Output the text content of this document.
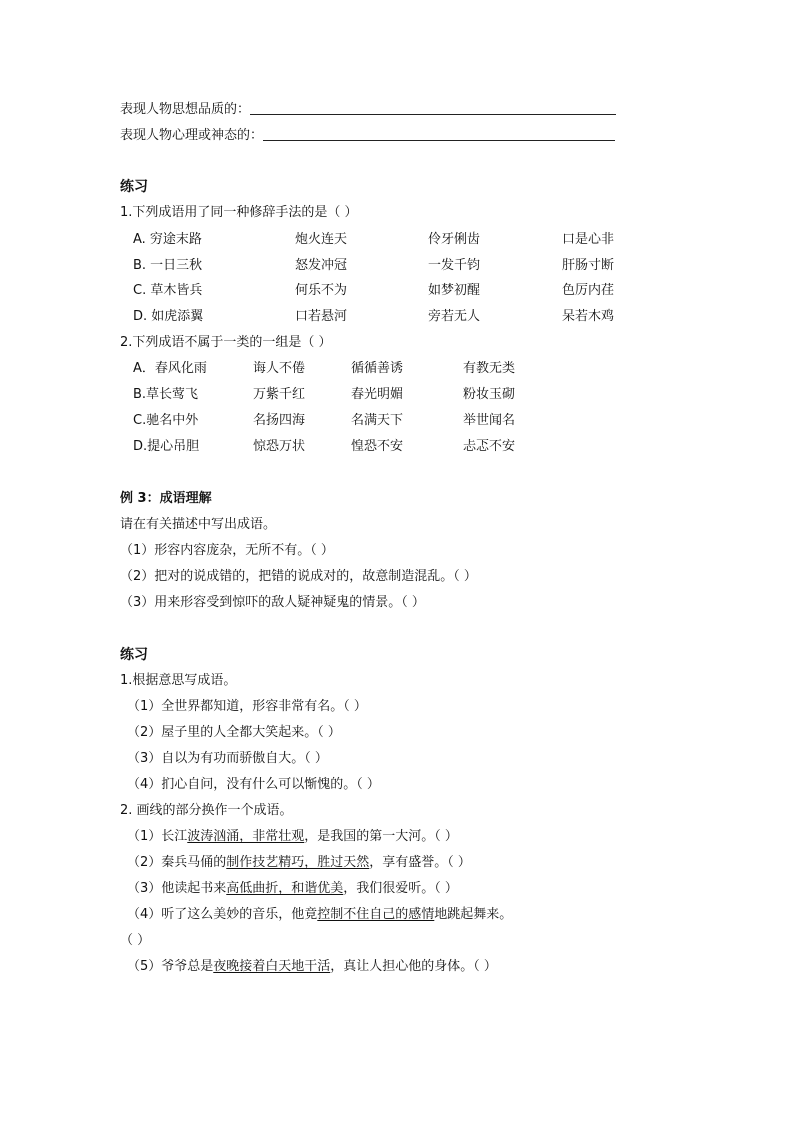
表现人物思想品质的：
表现人物心理或神态的：
练习
1.下列成语用了同一种修辞手法的是（ ）
A. 穷途末路	炮火连天	伶牙俐齿	口是心非
B. 一日三秋	怒发冲冠	一发千钧	肝肠寸断
C. 草木皆兵	何乐不为	如梦初醒	色厉内荏
D. 如虎添翼	口若悬河	旁若无人	呆若木鸡
2.下列成语不属于一类的一组是（ ）
A．春风化雨	诲人不倦	循循善诱	有教无类
B.草长莺飞	万紫千红	春光明媚	粉妆玉砌
C.驰名中外	名扬四海	名满天下	举世闻名
D.提心吊胆	惊恐万状	惶恐不安	忐忑不安
例 3：成语理解
请在有关描述中写出成语。
（1）形容内容庞杂，无所不有。（ ）
（2）把对的说成错的，把错的说成对的，故意制造混乱。（ ）
（3）用来形容受到惊吓的敌人疑神疑鬼的情景。（ ）
练习
1.根据意思写成语。
（1）全世界都知道，形容非常有名。（ ）
（2）屋子里的人全都大笑起来。（ ）
（3）自以为有功而骄傲自大。（ ）
（4）扪心自问，没有什么可以惭愧的。（ ）
2. 画线的部分换作一个成语。
（1）长江波涛汹涌，非常壮观，是我国的第一大河。（ ）
（2）秦兵马俑的制作技艺精巧，胜过天然，享有盛誉。（ ）
（3）他读起书来高低曲折，和谐优美，我们很爱听。（ ）
（4）听了这么美妙的音乐，他竟控制不住自己的感情地跳起舞来。
（ ）
（5）爷爷总是夜晚接着白天地干活，真让人担心他的身体。（ ）
